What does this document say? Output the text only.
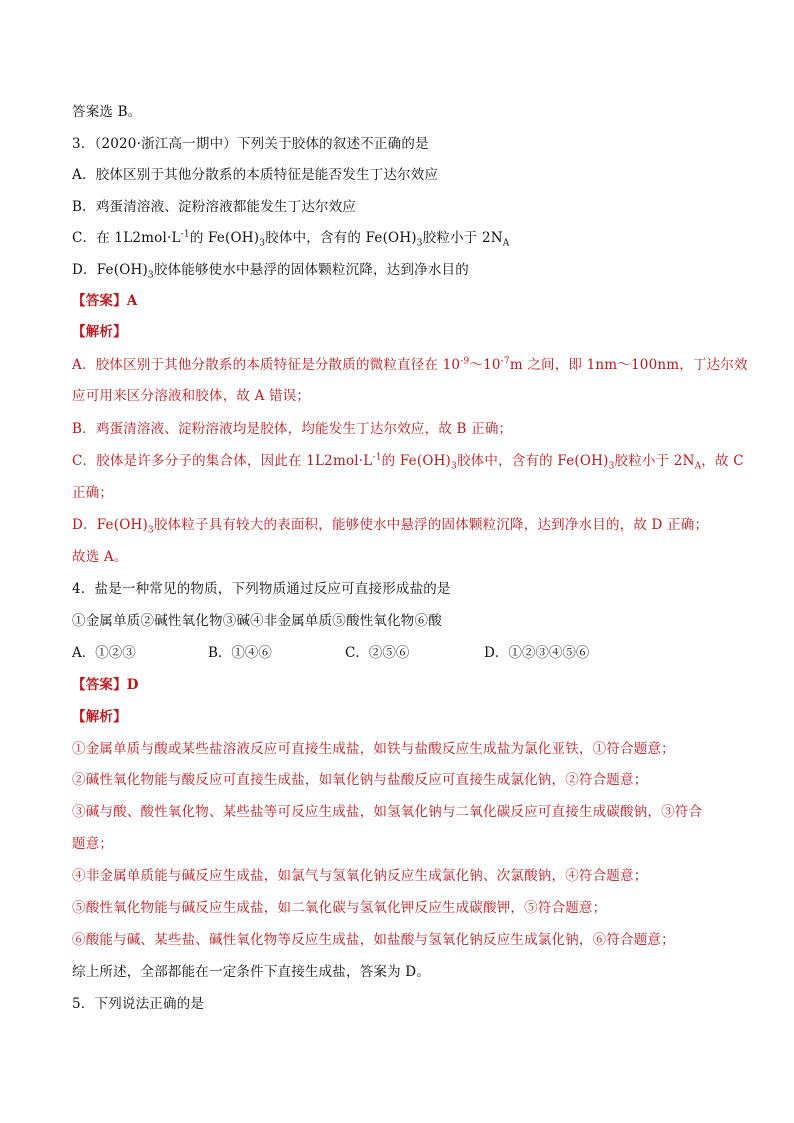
答案选 B。
3．（2020·浙江高一期中）下列关于胶体的叙述不正确的是
A．胶体区别于其他分散系的本质特征是能否发生丁达尔效应
B．鸡蛋清溶液、淀粉溶液都能发生丁达尔效应
C．在 $1L2mol\cdot L^{-1}$的 $Fe(OH)_3$胶体中，含有的 $Fe(OH)_3$胶粒小于 $2N_A$
D．$Fe(OH)_3$胶体能够使水中悬浮的固体颗粒沉降，达到净水目的
【答案】A
【解析】
A．胶体区别于其他分散系的本质特征是分散质的微粒直径在 $10^{-9}\sim 10^{-7}m$ 之间，即 1nm～100nm，丁达尔效
应可用来区分溶液和胶体，故 A 错误；
B．鸡蛋清溶液、淀粉溶液均是胶体，均能发生丁达尔效应，故 B 正确；
C．胶体是许多分子的集合体，因此在 $1L2mol\cdot L^{-1}$的 $Fe(OH)_3$胶体中，含有的 $Fe(OH)_3$胶粒小于 $2N_A$，故 C
正确；
D．$Fe(OH)_3$胶体粒子具有较大的表面积，能够使水中悬浮的固体颗粒沉降，达到净水目的，故 D 正确；
故选 A。
4．盐是一种常见的物质，下列物质通过反应可直接形成盐的是
①金属单质②碱性氧化物③碱④非金属单质⑤酸性氧化物⑥酸
A．①②③	B．①④⑥	C．②⑤⑥	D．①②③④⑤⑥
【答案】D
【解析】
①金属单质与酸或某些盐溶液反应可直接生成盐，如铁与盐酸反应生成盐为氯化亚铁，①符合题意；
②碱性氧化物能与酸反应可直接生成盐，如氧化钠与盐酸反应可直接生成氯化钠，②符合题意；
③碱与酸、酸性氧化物、某些盐等可反应生成盐，如氢氧化钠与二氧化碳反应可直接生成碳酸钠，③符合
题意；
④非金属单质能与碱反应生成盐，如氯气与氢氧化钠反应生成氯化钠、次氯酸钠，④符合题意；
⑤酸性氧化物能与碱反应生成盐，如二氧化碳与氢氧化钾反应生成碳酸钾，⑤符合题意；
⑥酸能与碱、某些盐、碱性氧化物等反应生成盐，如盐酸与氢氧化钠反应生成氯化钠，⑥符合题意；
综上所述，全部都能在一定条件下直接生成盐，答案为 D。
5．下列说法正确的是
